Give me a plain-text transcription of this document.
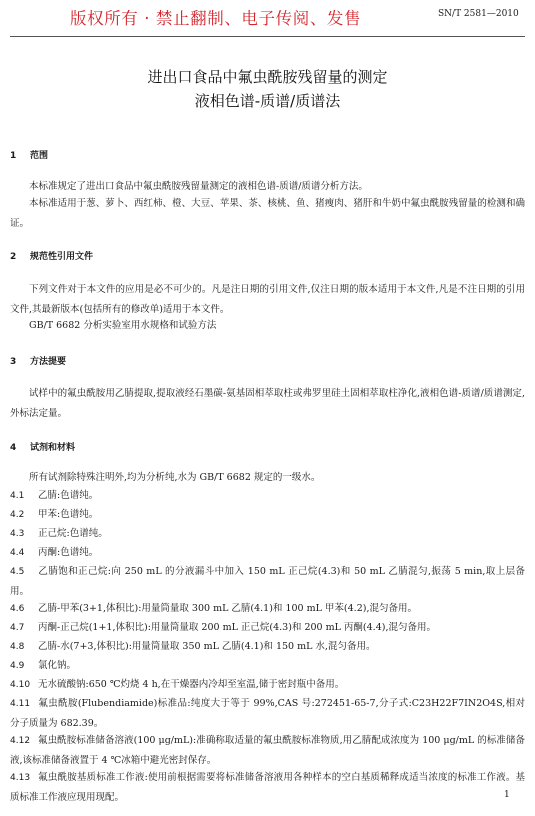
版权所有 · 禁止翻制、电子传阅、发售	SN/T 2581—2010
进出口食品中氟虫酰胺残留量的测定
液相色谱-质谱/质谱法
1 范围
本标准规定了进出口食品中氟虫酰胺残留量测定的液相色谱-质谱/质谱分析方法。
本标准适用于葱、萝卜、西红柿、橙、大豆、苹果、茶、核桃、鱼、猪瘦肉、猪肝和牛奶中氟虫酰胺残留量的检测和确证。
2 规范性引用文件
下列文件对于本文件的应用是必不可少的。凡是注日期的引用文件,仅注日期的版本适用于本文件,凡是不注日期的引用文件,其最新版本(包括所有的修改单)适用于本文件。
GB/T 6682 分析实验室用水规格和试验方法
3 方法提要
试样中的氟虫酰胺用乙腈提取,提取液经石墨碳-氨基固相萃取柱或弗罗里硅土固相萃取柱净化,液相色谱-质谱/质谱测定,外标法定量。
4 试剂和材料
所有试剂除特殊注明外,均为分析纯,水为 GB/T 6682 规定的一级水。
4.1 乙腈:色谱纯。
4.2 甲苯:色谱纯。
4.3 正己烷:色谱纯。
4.4 丙酮:色谱纯。
4.5 乙腈饱和正己烷:向 250 mL 的分液漏斗中加入 150 mL 正己烷(4.3)和 50 mL 乙腈混匀,振荡 5 min,取上层备用。
4.6 乙腈-甲苯(3+1,体积比):用量筒量取 300 mL 乙腈(4.1)和 100 mL 甲苯(4.2),混匀备用。
4.7 丙酮-正己烷(1+1,体积比):用量筒量取 200 mL 正己烷(4.3)和 200 mL 丙酮(4.4),混匀备用。
4.8 乙腈-水(7+3,体积比):用量筒量取 350 mL 乙腈(4.1)和 150 mL 水,混匀备用。
4.9 氯化钠。
4.10 无水硫酸钠:650 ℃灼烧 4 h,在干燥器内冷却至室温,储于密封瓶中备用。
4.11 氟虫酰胺(Flubendiamide)标准品:纯度大于等于 99%,CAS 号:272451-65-7,分子式:C23H22F7IN2O4S,相对分子质量为 682.39。
4.12 氟虫酰胺标准储备溶液(100 μg/mL):准确称取适量的氟虫酰胺标准物质,用乙腈配成浓度为 100 μg/mL 的标准储备液,该标准储备液置于 4 ℃冰箱中避光密封保存。
4.13 氟虫酰胺基质标准工作液:使用前根据需要将标准储备溶液用各种样本的空白基质稀释成适当浓度的标准工作液。基质标准工作液应现用现配。	1
